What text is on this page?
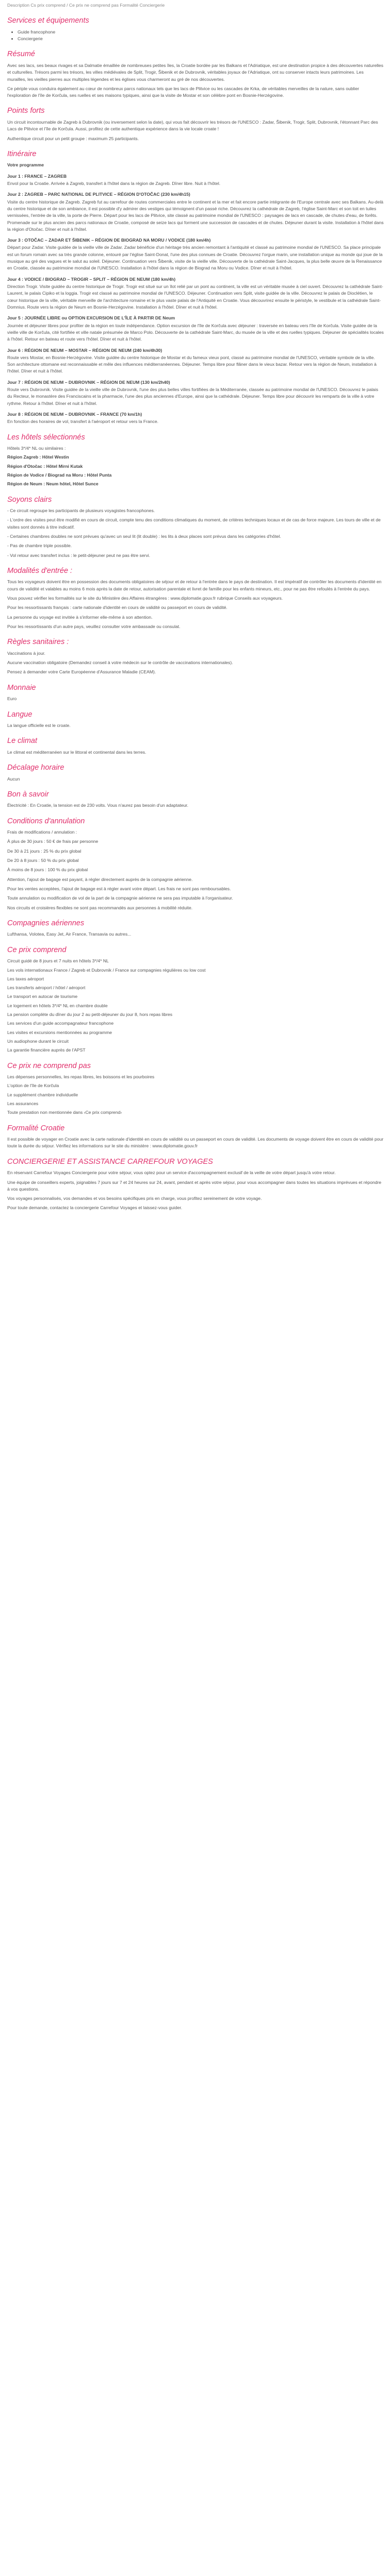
Description Cs prix comprend / Ce prix ne comprend pas Formalité Conciergerie
Services et équipements
• Guide francophone
• Conciergerie
Résumé

Avec ses lacs, ses beaux rivages et sa Dalmatie émaillée de nombreuses petites îles, la Croatie bordée par les Balkans et l'Adriatique, est une destination propice à des découvertes naturelles et culturelles. Trésors parmi les trésors, les villes médiévales de Split, Trogir, Šibenik et de Dubrovnik, véritables joyaux de l'Adriatique, ont su conserver intacts leurs patrimoines. Les murailles, les vieilles pierres aux multiples légendes et les églises vous charmeront au gré de nos découvertes.

Ce périple vous conduira également au cœur de nombreux parcs nationaux tels que les lacs de Plitvice ou les cascades de Krka, de véritables merveilles de la nature, sans oublier l'exploration de l'île de Korčula, ses ruelles et ses maisons typiques, ainsi que la visite de Mostar et son célèbre pont en Bosnie-Herzégovine.

Points forts

Un circuit incontournable de Zagreb à Dubrovnik (ou inversement selon la date), qui vous fait découvrir les trésors de l'UNESCO : Zadar, Šibenik, Trogir, Split, Dubrovnik, l'étonnant Parc des Lacs de Plitvice et l'île de Korčula. Aussi, profitez de cette authentique expérience dans la vie locale croate !

Authentique circuit pour un petit groupe : maximum 25 participants.

Itinéraire

Votre programme

Jour 1 : FRANCE – ZAGREB

Envol pour la Croatie. Arrivée à Zagreb, transfert à l'hôtel dans la région de Zagreb. Dîner libre. Nuit à l'hôtel.

Jour 2 : ZAGREB – PARC NATIONAL DE PLITVICE – RÉGION D'OTOČAC (230 km/4h15)

Visite du centre historique de Zagreb. Zagreb fut au carrefour de routes commerciales entre le continent et la mer et fait encore partie intégrante de l'Europe centrale avec ses Balkans. Au-delà du centre historique et de son ambiance, il est possible d'y admirer des vestiges qui témoignent d'un passé riche. Découvrez la cathédrale de Zagreb, l'église Saint-Marc et son toit en tuiles vernissées, l'entrée de la ville, la porte de Pierre. Départ pour les lacs de Plitvice, site classé au patrimoine mondial de l'UNESCO : paysages de lacs en cascade, de chutes d'eau, de forêts. Promenade sur le plus ancien des parcs nationaux de Croatie, composé de seize lacs qui forment une succession de cascades et de chutes. Déjeuner durant la visite. Installation à l'hôtel dans la région d'Otočac. Dîner et nuit à l'hôtel.

Jour 3 : OTOČAC – ZADAR ET ŠIBENIK – RÉGION DE BIOGRAD NA MORU / VODICE (180 km/4h)

Départ pour Zadar. Visite guidée de la vieille ville de Zadar. Zadar bénéficie d'un héritage très ancien remontant à l'antiquité et classé au patrimoine mondial de l'UNESCO. Sa place principale est un forum romain avec sa très grande colonne, entouré par l'église Saint-Donat, l'une des plus connues de Croatie. Découvrez l'orgue marin, une installation unique au monde qui joue de la musique au gré des vagues et le salut au soleil. Déjeuner. Continuation vers Šibenik, visite de la vieille ville. Découverte de la cathédrale Saint-Jacques, la plus belle œuvre de la Renaissance en Croatie, classée au patrimoine mondial de l'UNESCO. Installation à l'hôtel dans la région de Biograd na Moru ou Vodice. Dîner et nuit à l'hôtel.

Jour 4 : VODICE / BIOGRAD – TROGIR – SPLIT – RÉGION DE NEUM (180 km/4h)

Direction Trogir. Visite guidée du centre historique de Trogir. Trogir est situé sur un îlot relié par un pont au continent, la ville est un véritable musée à ciel ouvert. Découvrez la cathédrale Saint-Laurent, le palais Cipiko et la loggia. Trogir est classé au patrimoine mondial de l'UNESCO. Déjeuner. Continuation vers Split, visite guidée de la ville. Découvrez le palais de Dioclétien, le cœur historique de la ville, véritable merveille de l'architecture romaine et le plus vaste palais de l'Antiquité en Croatie. Vous découvrirez ensuite le péristyle, le vestibule et la cathédrale Saint-Domnius. Route vers la région de Neum en Bosnie-Herzégovine. Installation à l'hôtel. Dîner et nuit à l'hôtel.

Jour 5 : JOURNÉE LIBRE ou OPTION EXCURSION DE L'ÎLE À PARTIR DE Neum

Journée et déjeuner libres pour profiter de la région en toute indépendance. Option excursion de l'île de Korčula avec déjeuner : traversée en bateau vers l'île de Korčula. Visite guidée de la vieille ville de Korčula, cité fortifiée et ville natale présumée de Marco Polo. Découverte de la cathédrale Saint-Marc, du musée de la ville et des ruelles typiques. Déjeuner de spécialités locales à l'hôtel. Retour en bateau et route vers l'hôtel. Dîner et nuit à l'hôtel.

Jour 6 : RÉGION DE NEUM – MOSTAR – RÉGION DE NEUM (240 km/4h30)

Route vers Mostar, en Bosnie-Herzégovine. Visite guidée du centre historique de Mostar et du fameux vieux pont, classé au patrimoine mondial de l'UNESCO, véritable symbole de la ville. Son architecture ottomane est reconnaissable et mêle des influences méditerranéennes. Déjeuner. Temps libre pour flâner dans le vieux bazar. Retour vers la région de Neum, installation à l'hôtel. Dîner et nuit à l'hôtel.

Jour 7 : RÉGION DE NEUM – DUBROVNIK – RÉGION DE NEUM (130 km/2h40)

Route vers Dubrovnik. Visite guidée de la vieille ville de Dubrovnik, l'une des plus belles villes fortifiées de la Méditerranée, classée au patrimoine mondial de l'UNESCO. Découvrez le palais du Recteur, le monastère des Franciscains et la pharmacie, l'une des plus anciennes d'Europe, ainsi que la cathédrale. Déjeuner. Temps libre pour découvrir les remparts de la ville à votre rythme. Retour à l'hôtel. Dîner et nuit à l'hôtel.

Jour 8 : RÉGION DE NEUM – DUBROVNIK – FRANCE (70 km/1h)

En fonction des horaires de vol, transfert à l'aéroport et retour vers la France.

Les hôtels sélectionnés
Hôtels 3*/4* NL ou similaires :
Région Zagreb : Hôtel Westin
Région d'Otočac : Hôtel Mirni Kutak
Région de Vodice / Biograd na Moru : Hôtel Punta
Région de Neum : Neum hôtel, Hôtel Sunce
Soyons clairs

- Ce circuit regroupe les participants de plusieurs voyagistes francophones.

- L'ordre des visites peut être modifié en cours de circuit, compte tenu des conditions climatiques du moment, de critères techniques locaux et de cas de force majeure. Les tours de ville et de visites sont donnés à titre indicatif.

- Certaines chambres doubles ne sont prévues qu'avec un seul lit (lit double) : les lits à deux places sont prévus dans les catégories d'hôtel.

- Pas de chambre triple possible.

- Vol retour avec transfert inclus : le petit-déjeuner peut ne pas être servi.

Modalités d'entrée :

Tous les voyageurs doivent être en possession des documents obligatoires de séjour et de retour à l'entrée dans le pays de destination. Il est impératif de contrôler les documents d'identité en cours de validité et valables au moins 6 mois après la date de retour, autorisation parentale et livret de famille pour les enfants mineurs, etc., pour ne pas être refoulés à l'entrée du pays.

Vous pouvez vérifier les formalités sur le site du Ministère des Affaires étrangères : www.diplomatie.gouv.fr rubrique Conseils aux voyageurs.

Pour les ressortissants français : carte nationale d'identité en cours de validité ou passeport en cours de validité.

La personne du voyage est invitée à s'informer elle-même à son attention.

Pour les ressortissants d'un autre pays, veuillez consulter votre ambassade ou consulat.

Règles sanitaires :

Vaccinations à jour.

Aucune vaccination obligatoire (Demandez conseil à votre médecin sur le contrôle de vaccinations internationales).

Pensez à demander votre Carte Européenne d'Assurance Maladie (CEAM).

Monnaie

Euro

Langue

La langue officielle est le croate.

Le climat

Le climat est méditerranéen sur le littoral et continental dans les terres.

Décalage horaire

Aucun

Bon à savoir

Électricité : En Croatie, la tension est de 230 volts. Vous n'aurez pas besoin d'un adaptateur.

Conditions d'annulation

Frais de modifications / annulation :

À plus de 30 jours : 50 € de frais par personne

De 30 à 21 jours : 25 % du prix global

De 20 à 8 jours : 50 % du prix global

À moins de 8 jours : 100 % du prix global

Attention, l'ajout de bagage est payant, à régler directement auprès de la compagnie aérienne.

Pour les ventes acceptées, l'ajout de bagage est à régler avant votre départ. Les frais ne sont pas remboursables.

Toute annulation ou modification de vol de la part de la compagnie aérienne ne sera pas imputable à l'organisateur.

Nos circuits et croisières flexibles ne sont pas recommandés aux personnes à mobilité réduite.

Compagnies aériennes

Lufthansa, Volotea, Easy Jet, Air France, Transavia ou autres...

Ce prix comprend
Circuit guidé de 8 jours et 7 nuits en hôtels 3*/4* NL
Les vols internationaux France / Zagreb et Dubrovnik / France sur compagnies régulières ou low cost
Les taxes aéroport
Les transferts aéroport / hôtel / aéroport
Le transport en autocar de tourisme
Le logement en hôtels 3*/4* NL en chambre double
La pension complète du dîner du jour 2 au petit-déjeuner du jour 8, hors repas libres
Les services d'un guide accompagnateur francophone
Les visites et excursions mentionnées au programme
Un audiophone durant le circuit
La garantie financière auprès de l'APST
Ce prix ne comprend pas
Les dépenses personnelles, les repas libres, les boissons et les pourboires
L'option de l'île de Korčula
Le supplément chambre individuelle
Les assurances
Toute prestation non mentionnée dans ‹Ce prix comprend›
Formalité Croatie

Il est possible de voyager en Croatie avec la carte nationale d'identité en cours de validité ou un passeport en cours de validité. Les documents de voyage doivent être en cours de validité pour toute la durée du séjour. Vérifiez les informations sur le site du ministère : www.diplomatie.gouv.fr

CONCIERGERIE ET ASSISTANCE CARREFOUR VOYAGES

En réservant Carrefour Voyages Conciergerie pour votre séjour, vous optez pour un service d'accompagnement exclusif de la veille de votre départ jusqu'à votre retour.

Une équipe de conseillers experts, joignables 7 jours sur 7 et 24 heures sur 24, avant, pendant et après votre séjour, pour vous accompagner dans toutes les situations imprévues et répondre à vos questions.

Vos voyages personnalisés, vos demandes et vos besoins spécifiques pris en charge, vous profitez sereinement de votre voyage.

Pour toute demande, contactez la conciergerie Carrefour Voyages et laissez-vous guider.
